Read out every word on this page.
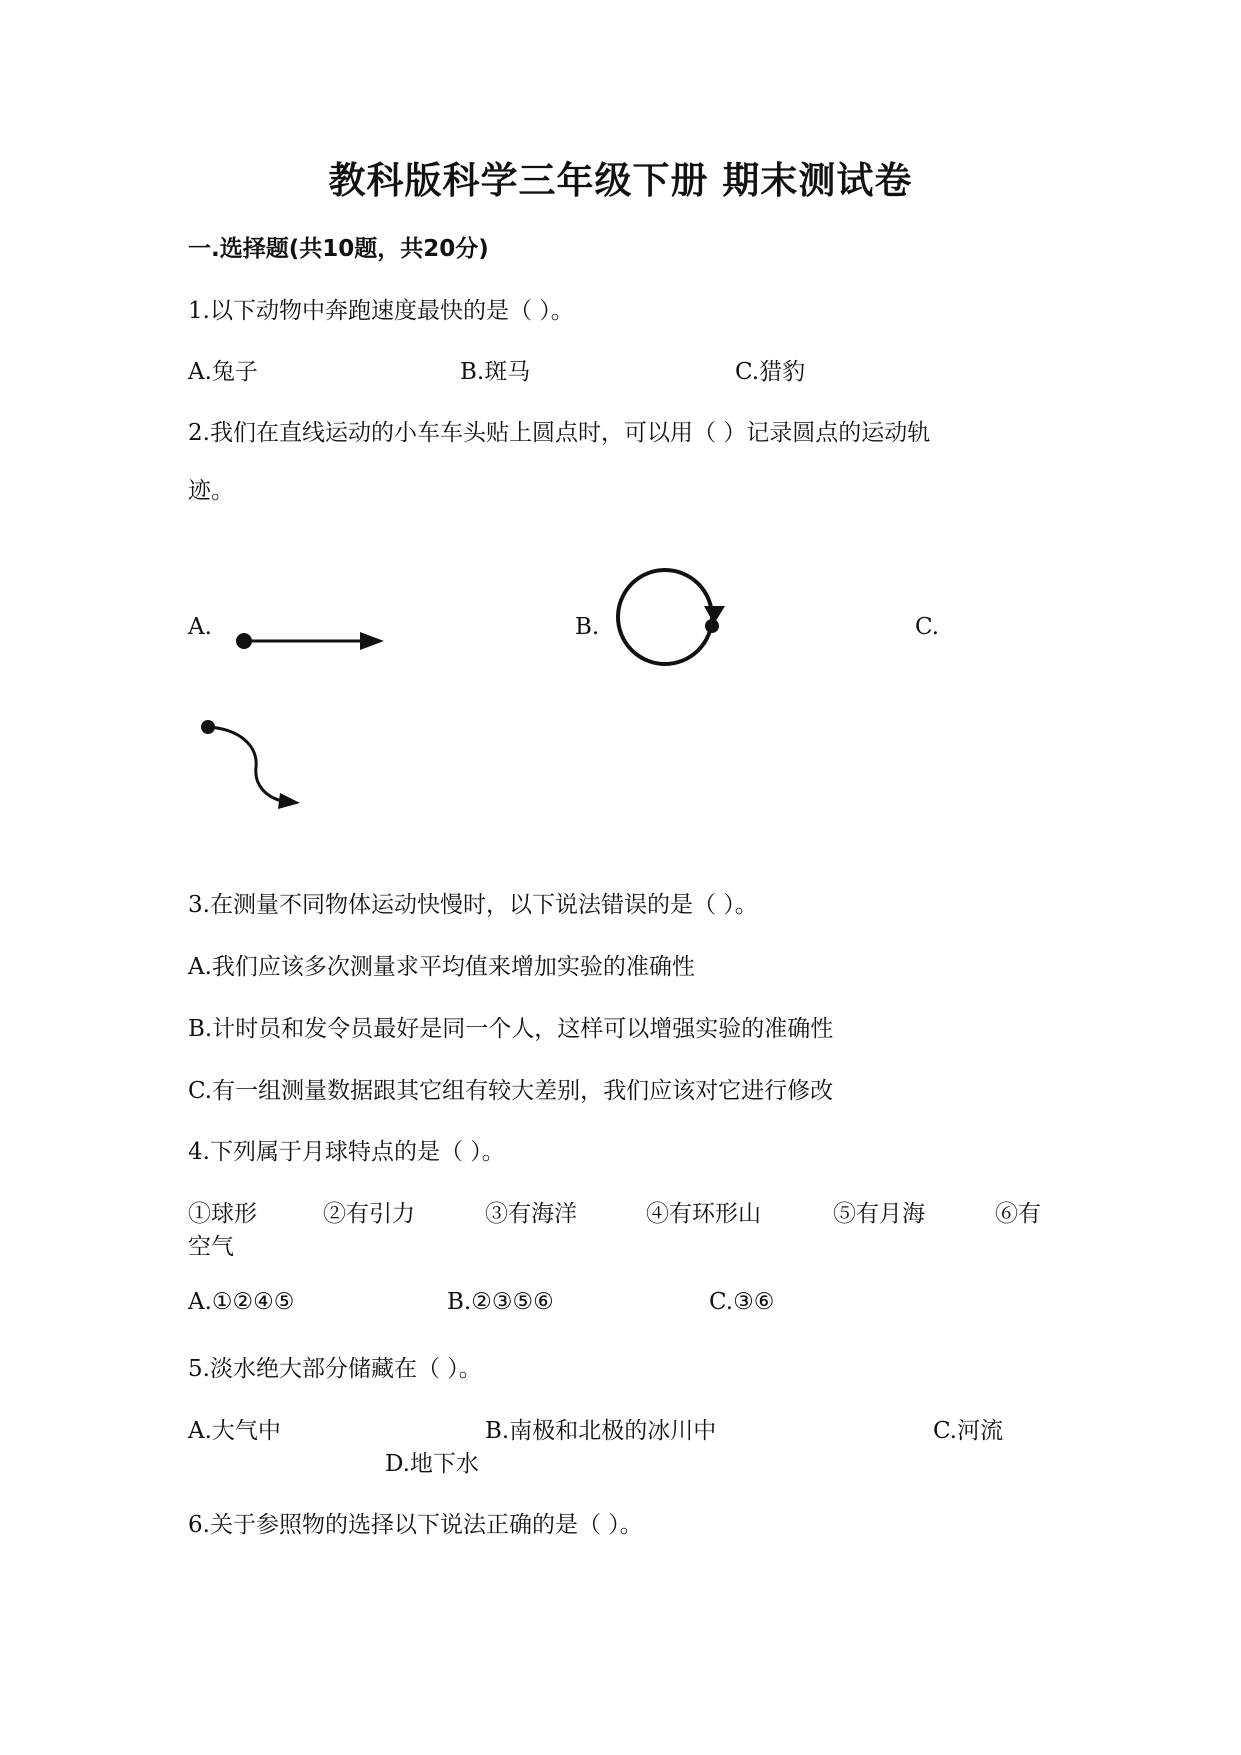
教科版科学三年级下册 期末测试卷
一.选择题(共10题，共20分)
1.以下动物中奔跑速度最快的是（ ）。
A.兔子	B.斑马	C.猎豹
2.我们在直线运动的小车车头贴上圆点时，可以用（ ）记录圆点的运动轨
迹。
A.	B.	C.
3.在测量不同物体运动快慢时，以下说法错误的是（ ）。
A.我们应该多次测量求平均值来增加实验的准确性
B.计时员和发令员最好是同一个人，这样可以增强实验的准确性
C.有一组测量数据跟其它组有较大差别，我们应该对它进行修改
4.下列属于月球特点的是（ ）。
①球形	②有引力	③有海洋	④有环形山	⑤有月海	⑥有
空气
A.①②④⑤	B.②③⑤⑥	C.③⑥
5.淡水绝大部分储藏在（ ）。
A.大气中	B.南极和北极的冰川中	C.河流
D.地下水
6.关于参照物的选择以下说法正确的是（ ）。
